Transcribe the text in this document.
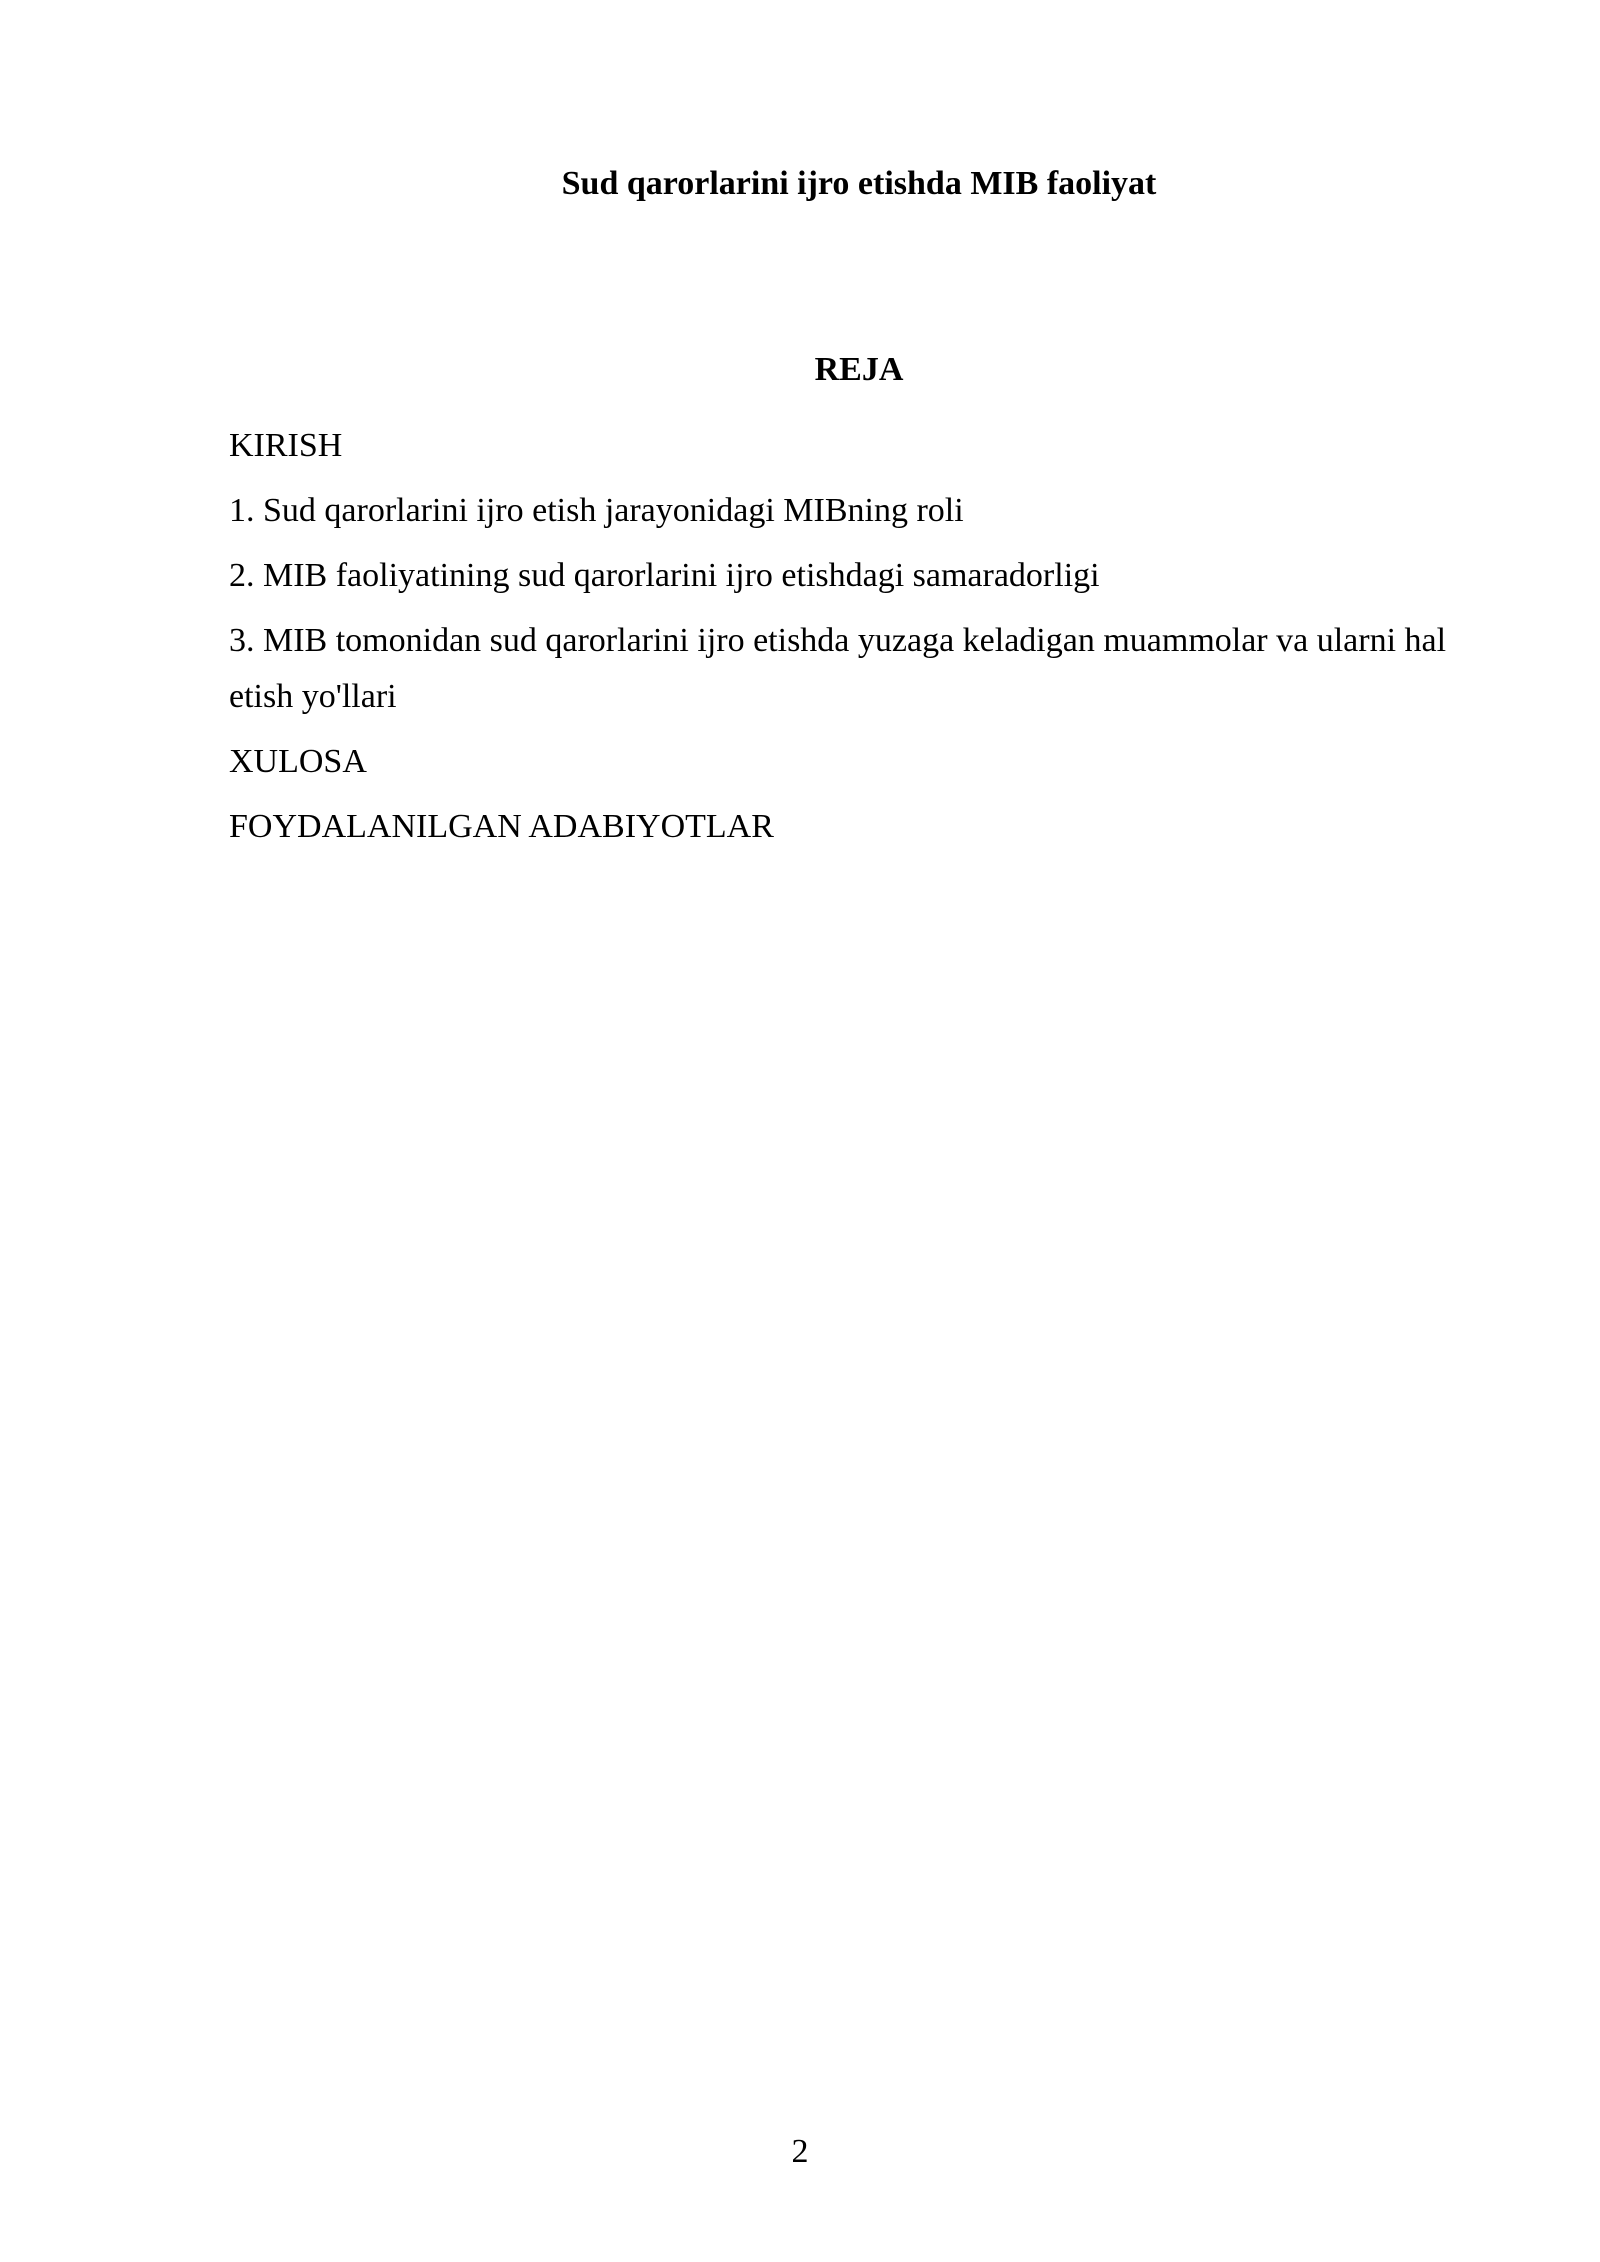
Sud qarorlarini ijro etishda MIB faoliyat
REJA
KIRISH
1. Sud qarorlarini ijro etish jarayonidagi MIBning roli
2. MIB faoliyatining sud qarorlarini ijro etishdagi samaradorligi
3. MIB tomonidan sud qarorlarini ijro etishda yuzaga keladigan muammolar va ularni hal etish yo'llari
XULOSA
FOYDALANILGAN ADABIYOTLAR

2
